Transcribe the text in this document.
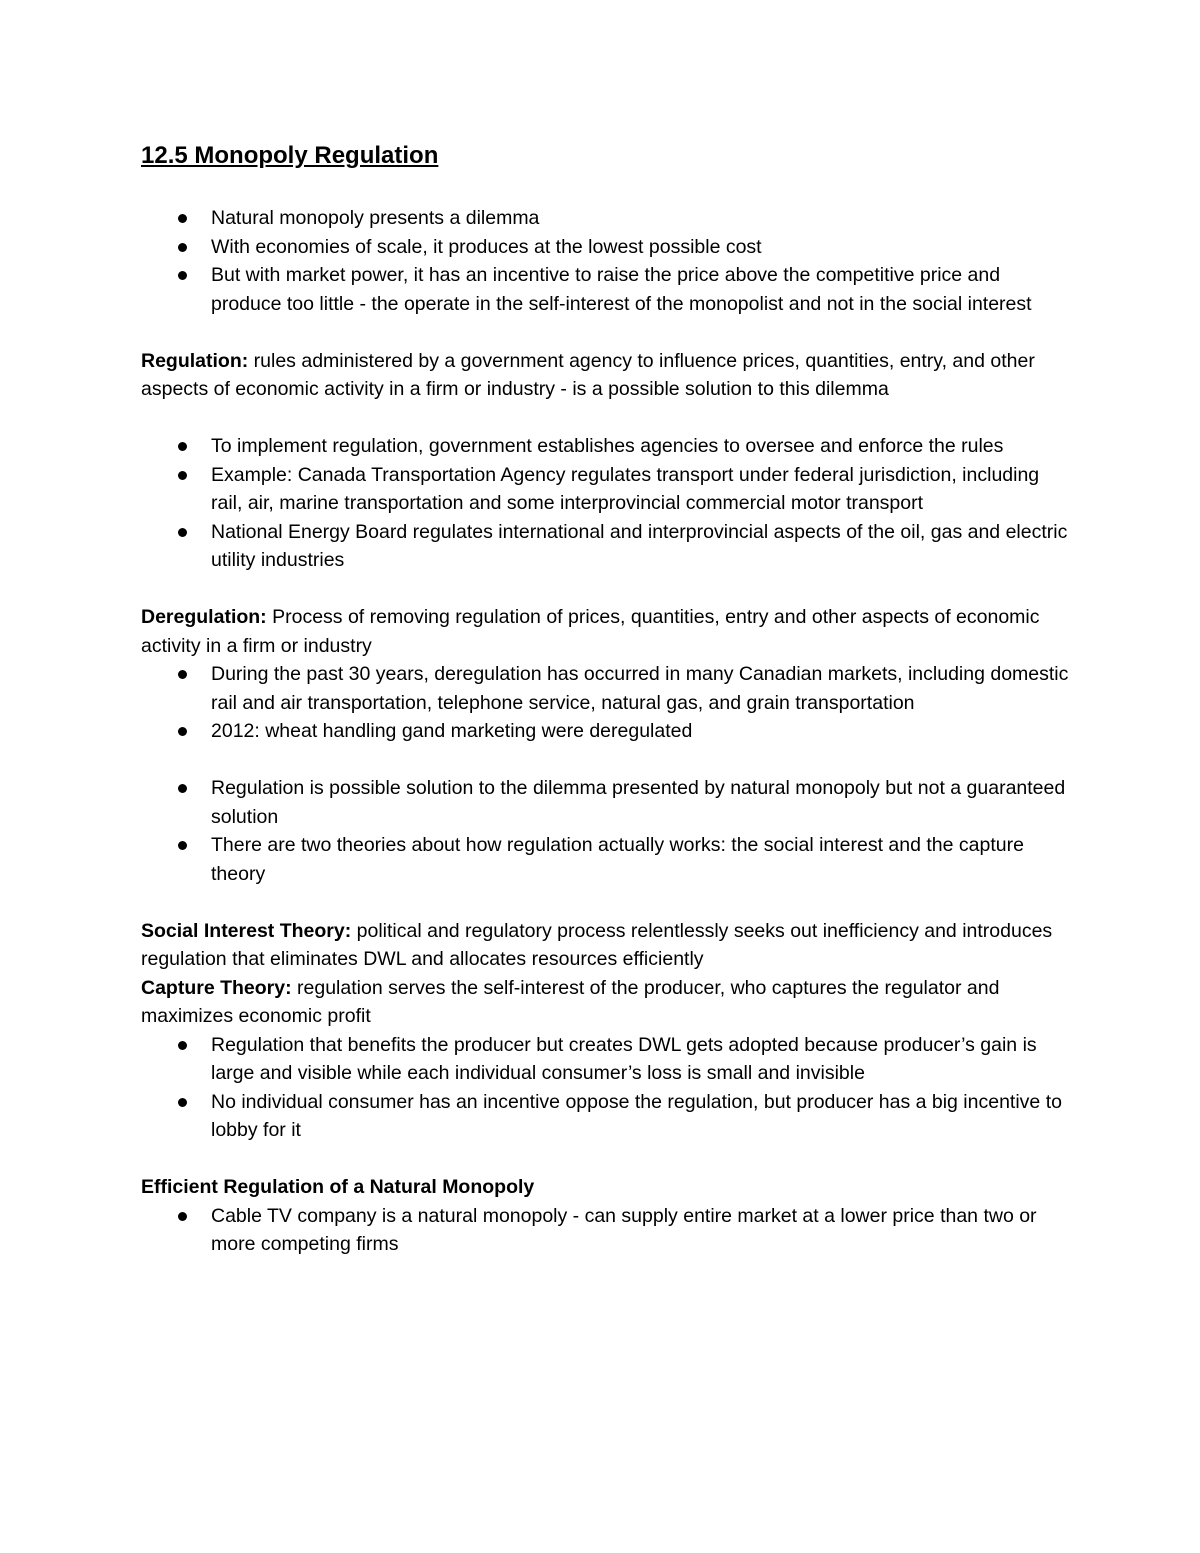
12.5 Monopoly Regulation
Natural monopoly presents a dilemma
With economies of scale, it produces at the lowest possible cost
But with market power, it has an incentive to raise the price above the competitive price and produce too little - the operate in the self-interest of the monopolist and not in the social interest

Regulation: rules administered by a government agency to influence prices, quantities, entry, and other aspects of economic activity in a firm or industry - is a possible solution to this dilemma

To implement regulation, government establishes agencies to oversee and enforce the rules
Example: Canada Transportation Agency regulates transport under federal jurisdiction, including rail, air, marine transportation and some interprovincial commercial motor transport
National Energy Board regulates international and interprovincial aspects of the oil, gas and electric utility industries

Deregulation: Process of removing regulation of prices, quantities, entry and other aspects of economic activity in a firm or industry

During the past 30 years, deregulation has occurred in many Canadian markets, including domestic rail and air transportation, telephone service, natural gas, and grain transportation
2012: wheat handling gand marketing were deregulated
Regulation is possible solution to the dilemma presented by natural monopoly but not a guaranteed solution
There are two theories about how regulation actually works: the social interest and the capture theory

Social Interest Theory: political and regulatory process relentlessly seeks out inefficiency and introduces regulation that eliminates DWL and allocates resources efficiently

Capture Theory: regulation serves the self-interest of the producer, who captures the regulator and maximizes economic profit

Regulation that benefits the producer but creates DWL gets adopted because producer’s gain is large and visible while each individual consumer’s loss is small and invisible
No individual consumer has an incentive oppose the regulation, but producer has a big incentive to lobby for it

Efficient Regulation of a Natural Monopoly

Cable TV company is a natural monopoly - can supply entire market at a lower price than two or more competing firms
